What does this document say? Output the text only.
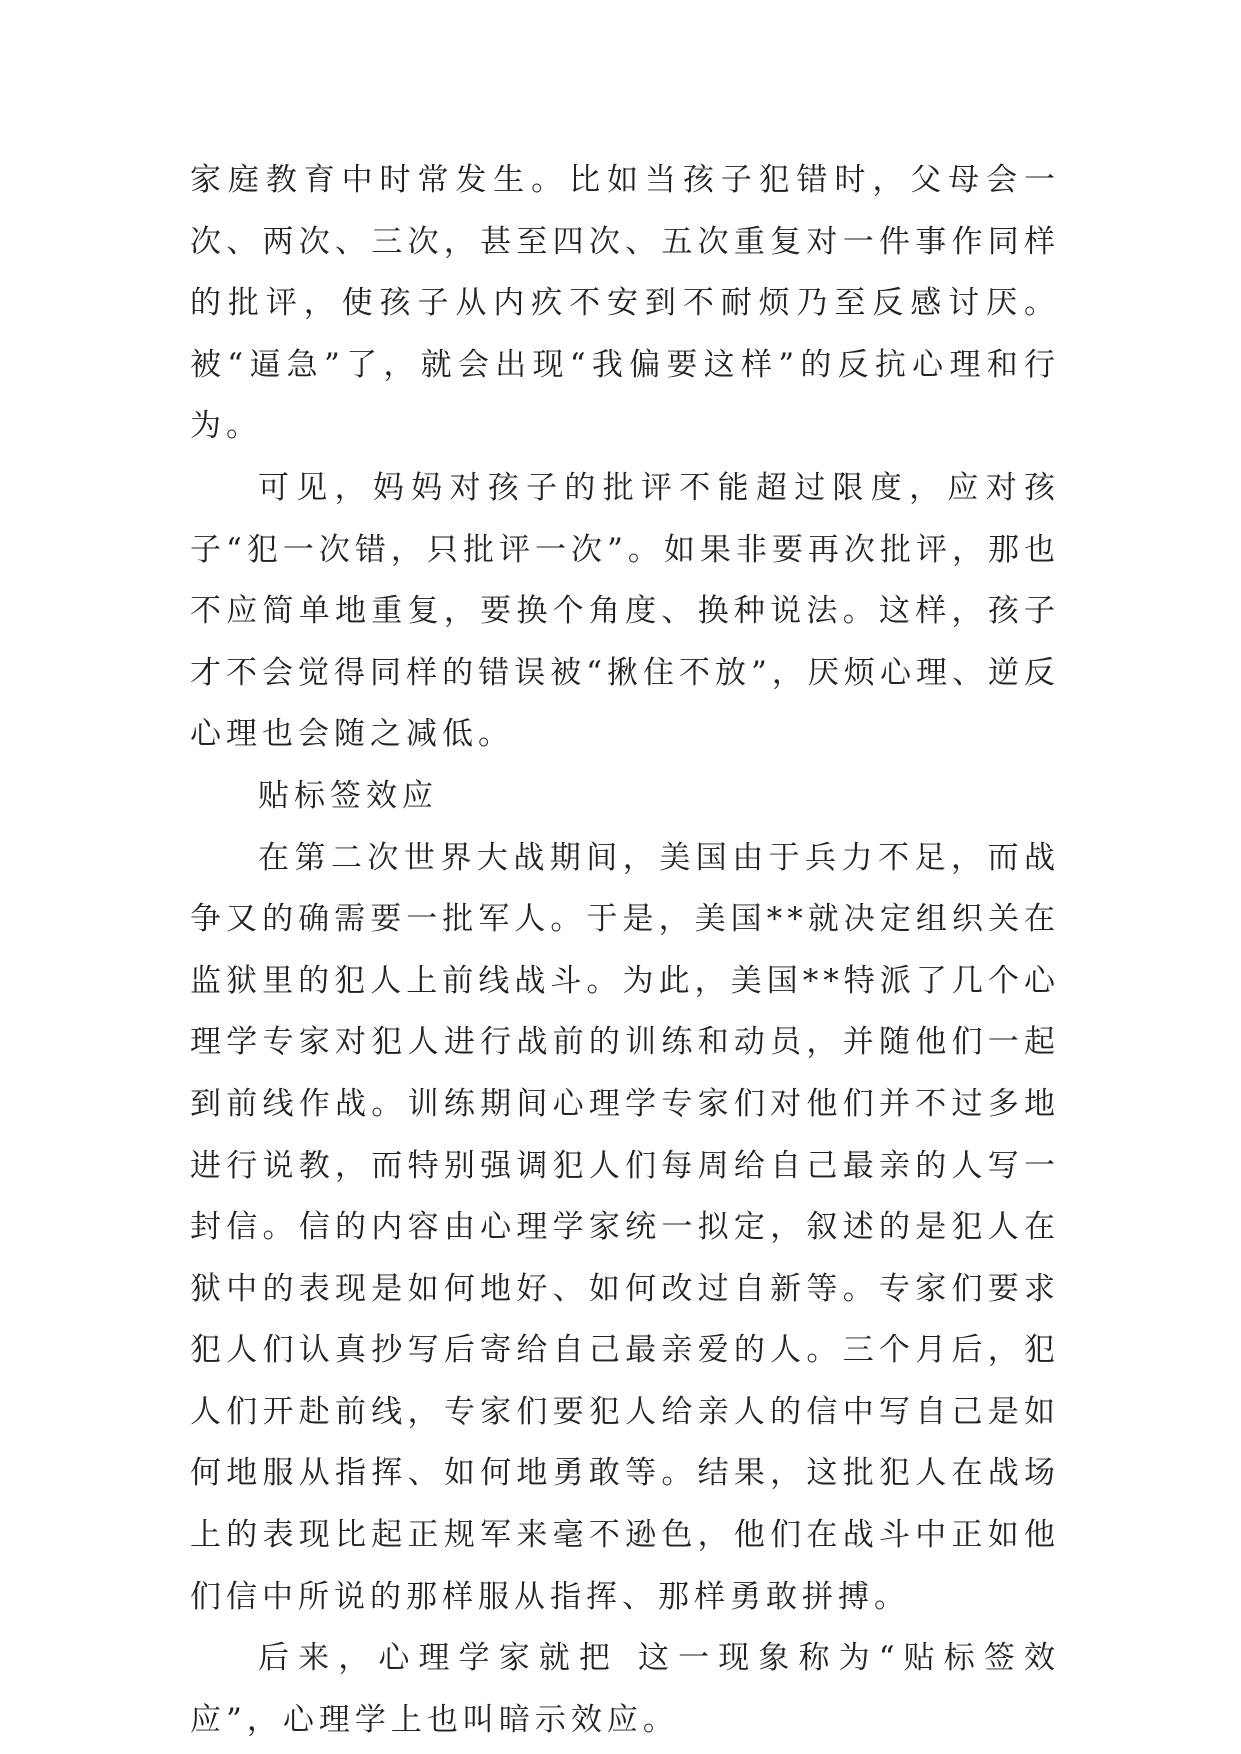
家庭教育中时常发生。比如当孩子犯错时，父母会一次、两次、三次，甚至四次、五次重复对一件事作同样的批评，使孩子从内疚不安到不耐烦乃至反感讨厌。被“逼急”了，就会出现“我偏要这样”的反抗心理和行为。

可见，妈妈对孩子的批评不能超过限度，应对孩子“犯一次错，只批评一次”。如果非要再次批评，那也不应简单地重复，要换个角度、换种说法。这样，孩子才不会觉得同样的错误被“揪住不放”，厌烦心理、逆反心理也会随之减低。

贴标签效应

在第二次世界大战期间，美国由于兵力不足，而战争又的确需要一批军人。于是，美国**就决定组织关在监狱里的犯人上前线战斗。为此，美国**特派了几个心理学专家对犯人进行战前的训练和动员，并随他们一起到前线作战。训练期间心理学专家们对他们并不过多地进行说教，而特别强调犯人们每周给自己最亲的人写一封信。信的内容由心理学家统一拟定，叙述的是犯人在狱中的表现是如何地好、如何改过自新等。专家们要求犯人们认真抄写后寄给自己最亲爱的人。三个月后，犯人们开赴前线，专家们要犯人给亲人的信中写自己是如何地服从指挥、如何地勇敢等。结果，这批犯人在战场上的表现比起正规军来毫不逊色，他们在战斗中正如他们信中所说的那样服从指挥、那样勇敢拼搏。

后来，心理学家就把 这一现象称为“贴标签效应”，心理学上也叫暗示效应。
